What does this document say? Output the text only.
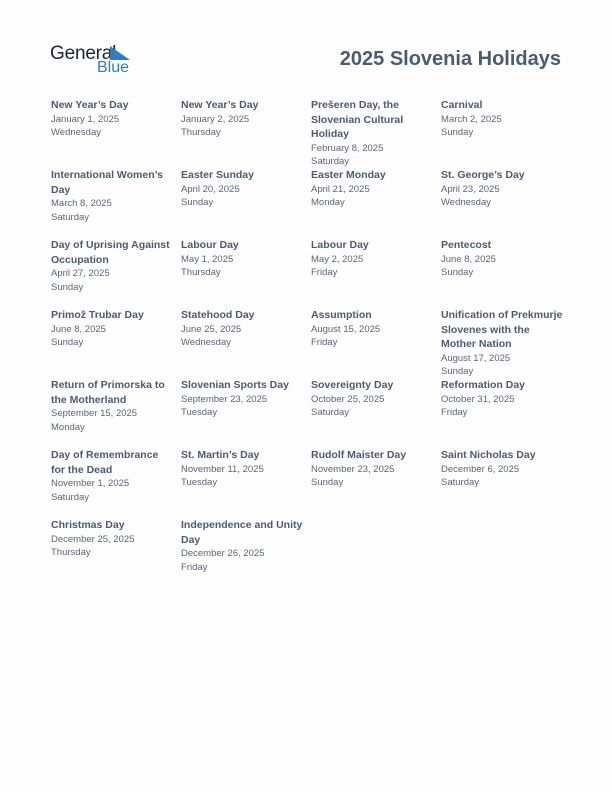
General
Blue	2025 Slovenia Holidays
New Year’s Day
January 1, 2025
Wednesday
New Year’s Day
January 2, 2025
Thursday
Prešeren Day, the Slovenian Cultural Holiday
February 8, 2025
Saturday
Carnival
March 2, 2025
Sunday
International Women’s Day
March 8, 2025
Saturday
Easter Sunday
April 20, 2025
Sunday
Easter Monday
April 21, 2025
Monday
St. George’s Day
April 23, 2025
Wednesday
Day of Uprising Against Occupation
April 27, 2025
Sunday
Labour Day
May 1, 2025
Thursday
Labour Day
May 2, 2025
Friday
Pentecost
June 8, 2025
Sunday
Primož Trubar Day
June 8, 2025
Sunday
Statehood Day
June 25, 2025
Wednesday
Assumption
August 15, 2025
Friday
Unification of Prekmurje Slovenes with the Mother Nation
August 17, 2025
Sunday
Return of Primorska to the Motherland
September 15, 2025
Monday
Slovenian Sports Day
September 23, 2025
Tuesday
Sovereignty Day
October 25, 2025
Saturday
Reformation Day
October 31, 2025
Friday
Day of Remembrance for the Dead
November 1, 2025
Saturday
St. Martin’s Day
November 11, 2025
Tuesday
Rudolf Maister Day
November 23, 2025
Sunday
Saint Nicholas Day
December 6, 2025
Saturday
Christmas Day
December 25, 2025
Thursday
Independence and Unity Day
December 26, 2025
Friday
